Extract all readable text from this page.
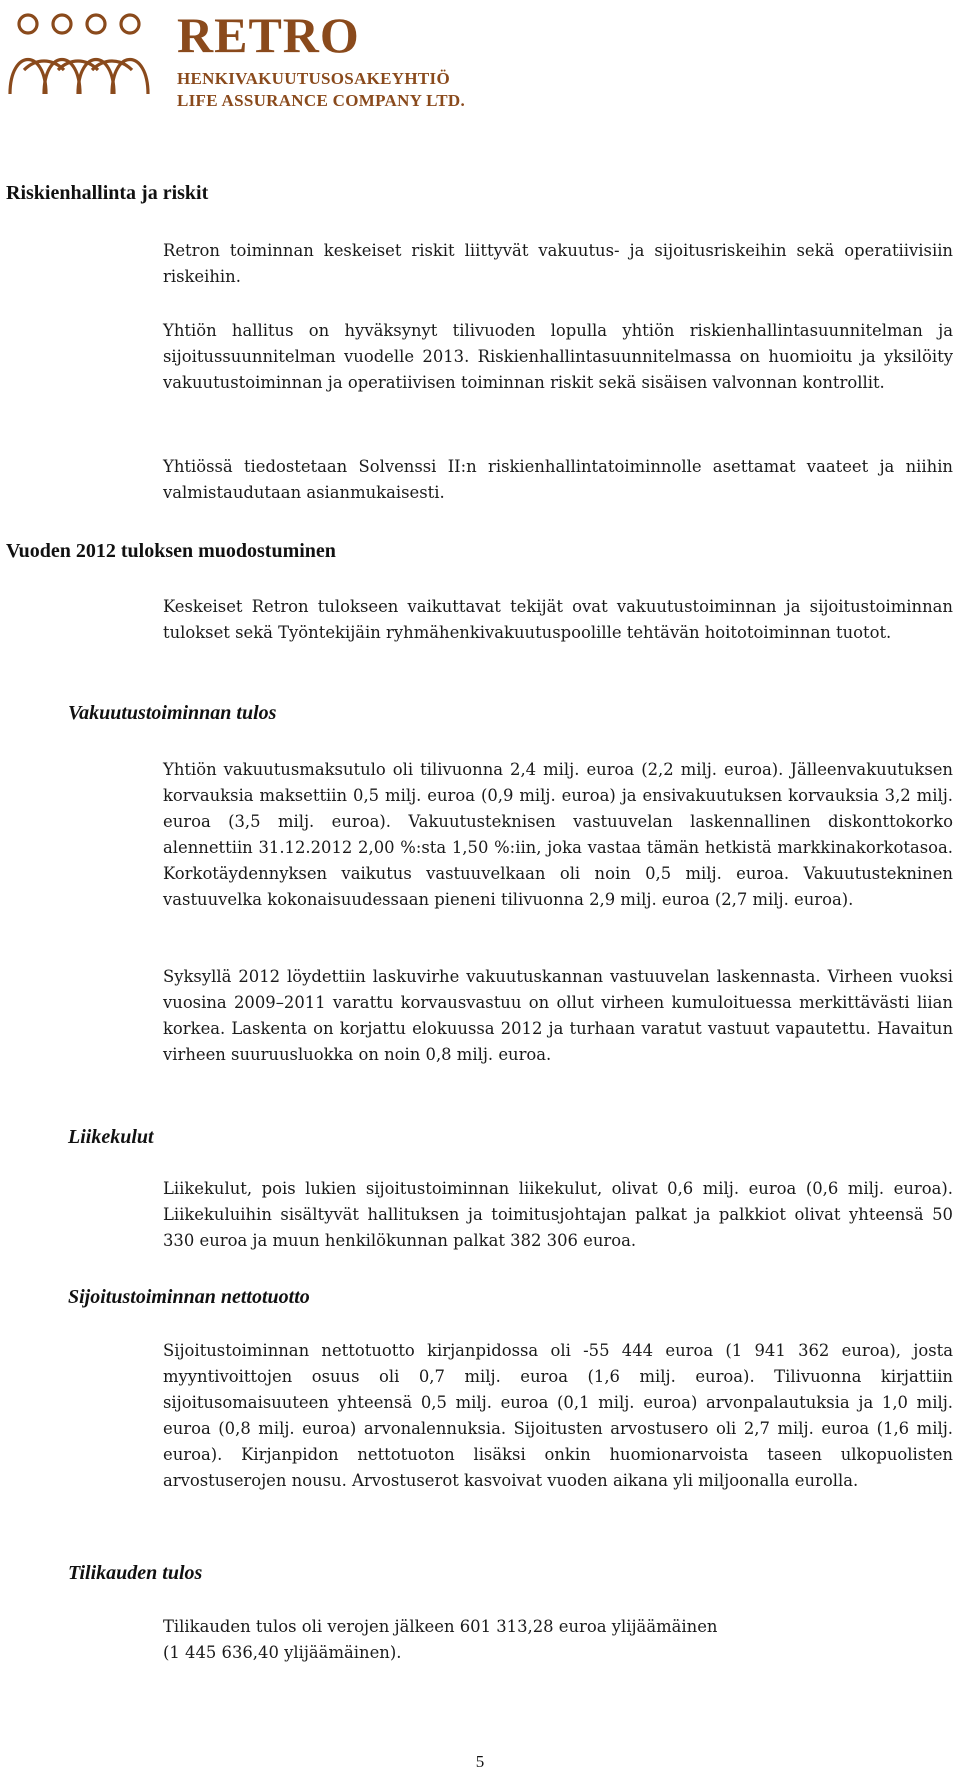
RETRO
HENKIVAKUUTUSOSAKEYHTIÖ
LIFE ASSURANCE COMPANY LTD.
Riskienhallinta ja riskit

Retron toiminnan keskeiset riskit liittyvät vakuutus- ja sijoitusriskeihin sekä operatiivisiin riskeihin.

Yhtiön hallitus on hyväksynyt tilivuoden lopulla yhtiön riskienhallintasuunnitelman ja sijoitussuunnitelman vuodelle 2013. Riskienhallintasuunnitelmassa on huomioitu ja yksilöity vakuutustoiminnan ja operatiivisen toiminnan riskit sekä sisäisen valvonnan kontrollit.

Yhtiössä tiedostetaan Solvenssi II:n riskienhallintatoiminnolle asettamat vaateet ja niihin valmistaudutaan asianmukaisesti.

Vuoden 2012 tuloksen muodostuminen

Keskeiset Retron tulokseen vaikuttavat tekijät ovat vakuutustoiminnan ja sijoitustoiminnan tulokset sekä Työntekijäin ryhmähenkivakuutuspoolille tehtävän hoitotoiminnan tuotot.

Vakuutustoiminnan tulos

Yhtiön vakuutusmaksutulo oli tilivuonna 2,4 milj. euroa (2,2 milj. euroa). Jälleenvakuutuksen korvauksia maksettiin 0,5 milj. euroa (0,9 milj. euroa) ja ensivakuutuksen korvauksia 3,2 milj. euroa (3,5 milj. euroa). Vakuutusteknisen vastuuvelan laskennallinen diskonttokorko alennettiin 31.12.2012 2,00 %:sta 1,50 %:iin, joka vastaa tämän hetkistä markkinakorkotasoa. Korkotäydennyksen vaikutus vastuuvelkaan oli noin 0,5 milj. euroa. Vakuutustekninen vastuuvelka kokonaisuudessaan pieneni tilivuonna 2,9 milj. euroa (2,7 milj. euroa).

Syksyllä 2012 löydettiin laskuvirhe vakuutuskannan vastuuvelan laskennasta. Virheen vuoksi vuosina 2009–2011 varattu korvausvastuu on ollut virheen kumuloituessa merkittävästi liian korkea. Laskenta on korjattu elokuussa 2012 ja turhaan varatut vastuut vapautettu. Havaitun virheen suuruusluokka on noin 0,8 milj. euroa.

Liikekulut

Liikekulut, pois lukien sijoitustoiminnan liikekulut, olivat 0,6 milj. euroa (0,6 milj. euroa). Liikekuluihin sisältyvät hallituksen ja toimitusjohtajan palkat ja palkkiot olivat yhteensä 50 330 euroa ja muun henkilökunnan palkat 382 306 euroa.

Sijoitustoiminnan nettotuotto

Sijoitustoiminnan nettotuotto kirjanpidossa oli -55 444 euroa (1 941 362 euroa), josta myyntivoittojen osuus oli 0,7 milj. euroa (1,6 milj. euroa). Tilivuonna kirjattiin sijoitusomaisuuteen yhteensä 0,5 milj. euroa (0,1 milj. euroa) arvonpalautuksia ja 1,0 milj. euroa (0,8 milj. euroa) arvonalennuksia. Sijoitusten arvostusero oli 2,7 milj. euroa (1,6 milj. euroa). Kirjanpidon nettotuoton lisäksi onkin huomionarvoista taseen ulkopuolisten arvostuserojen nousu. Arvostuserot kasvoivat vuoden aikana yli miljoonalla eurolla.

Tilikauden tulos
Tilikauden tulos oli verojen jälkeen 601 313,28 euroa ylijäämäinen
(1 445 636,40 ylijäämäinen).
5
